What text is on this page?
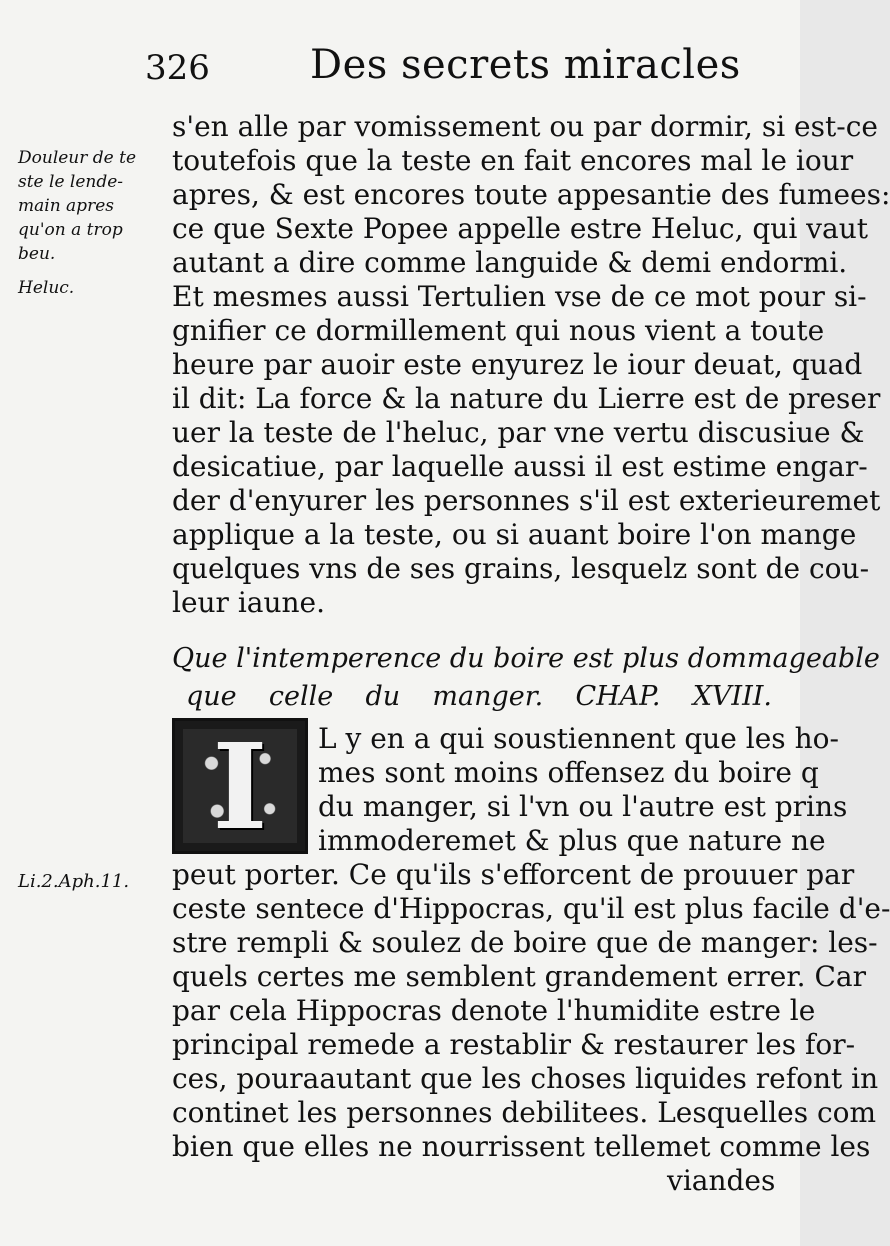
326	Des secrets miracles
Douleur de te
ste le lende-
main apres
qu'on a trop
beu.
Heluc.
Li.2.Aph.11.
s'en alle par vomissement ou par dormir, si est-ce
toutefois que la teste en fait encores mal le iour
apres, & est encores toute appesantie des fumees:
ce que Sexte Popee appelle estre Heluc, qui vaut
autant a dire comme languide & demi endormi.
Et mesmes aussi Tertulien vse de ce mot pour si-
gnifier ce dormillement qui nous vient a toute
heure par auoir este enyurez le iour deuat, quad
il dit: La force & la nature du Lierre est de preser
uer la teste de l'heluc, par vne vertu discusiue &
desicatiue, par laquelle aussi il est estime engar-
der d'enyurer les personnes s'il est exterieuremet
applique a la teste, ou si auant boire l'on mange
quelques vns de ses grains, lesquelz sont de cou-
leur iaune.
Que l'intemperence du boire est plus dommageable
que celle du manger. CHAP. XVIII.
I	L y en a qui soustiennent que les ho-
mes sont moins offensez du boire q
du manger, si l'vn ou l'autre est prins
immoderemet & plus que nature ne
peut porter. Ce qu'ils s'efforcent de prouuer par
ceste sentece d'Hippocras, qu'il est plus facile d'e-
stre rempli & soulez de boire que de manger: les-
quels certes me semblent grandement errer. Car
par cela Hippocras denote l'humidite estre le
principal remede a restablir & restaurer les for-
ces, pouraautant que les choses liquides refont in
continet les personnes debilitees. Lesquelles com
bien que elles ne nourrissent tellemet comme les
viandes
